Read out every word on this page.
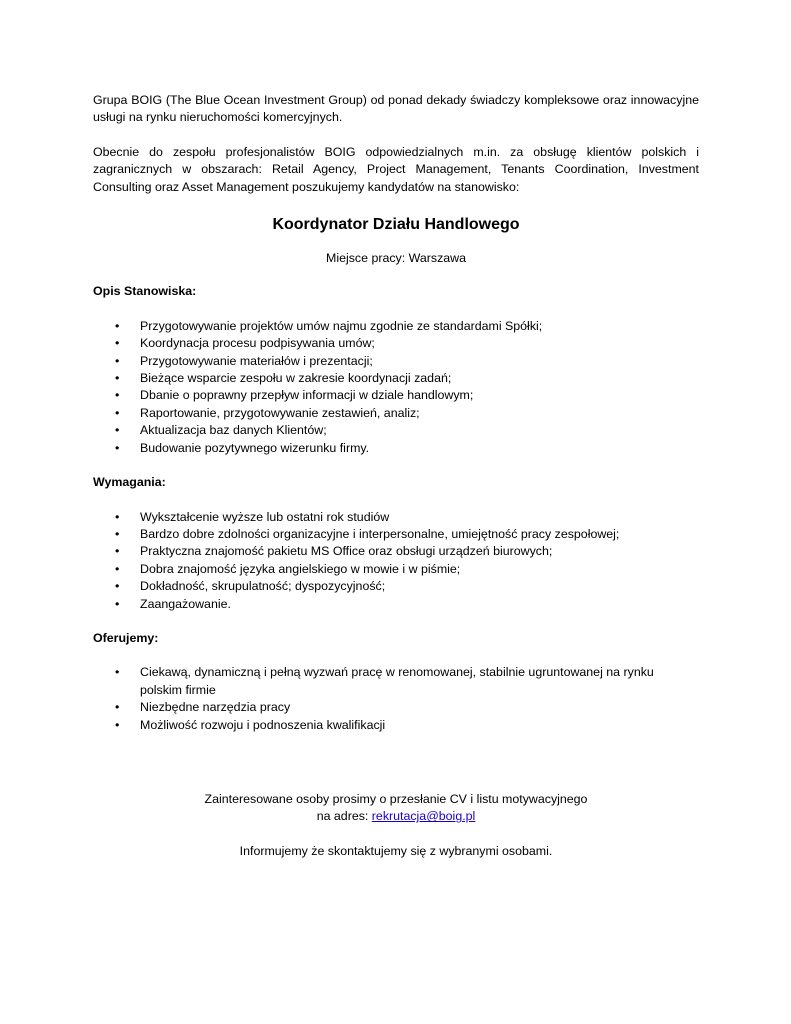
Grupa BOIG (The Blue Ocean Investment Group) od ponad dekady świadczy kompleksowe oraz innowacyjne usługi na rynku nieruchomości komercyjnych.

Obecnie do zespołu profesjonalistów BOIG odpowiedzialnych m.in. za obsługę klientów polskich i zagranicznych w obszarach: Retail Agency, Project Management, Tenants Coordination, Investment Consulting oraz Asset Management poszukujemy kandydatów na stanowisko:

Koordynator Działu Handlowego

Miejsce pracy: Warszawa

Opis Stanowiska:

• Przygotowywanie projektów umów najmu zgodnie ze standardami Spółki;
• Koordynacja procesu podpisywania umów;
• Przygotowywanie materiałów i prezentacji;
• Bieżące wsparcie zespołu w zakresie koordynacji zadań;
• Dbanie o poprawny przepływ informacji w dziale handlowym;
• Raportowanie, przygotowywanie zestawień, analiz;
• Aktualizacja baz danych Klientów;
• Budowanie pozytywnego wizerunku firmy.

Wymagania:

• Wykształcenie wyższe lub ostatni rok studiów
• Bardzo dobre zdolności organizacyjne i interpersonalne, umiejętność pracy zespołowej;
• Praktyczna znajomość pakietu MS Office oraz obsługi urządzeń biurowych;
• Dobra znajomość języka angielskiego w mowie i w piśmie;
• Dokładność, skrupulatność; dyspozycyjność;
• Zaangażowanie.

Oferujemy:

• Ciekawą, dynamiczną i pełną wyzwań pracę w renomowanej, stabilnie ugruntowanej na rynku polskim firmie
• Niezbędne narzędzia pracy
• Możliwość rozwoju i podnoszenia kwalifikacji

Zainteresowane osoby prosimy o przesłanie CV i listu motywacyjnego

na adres: rekrutacja@boig.pl

Informujemy że skontaktujemy się z wybranymi osobami.
